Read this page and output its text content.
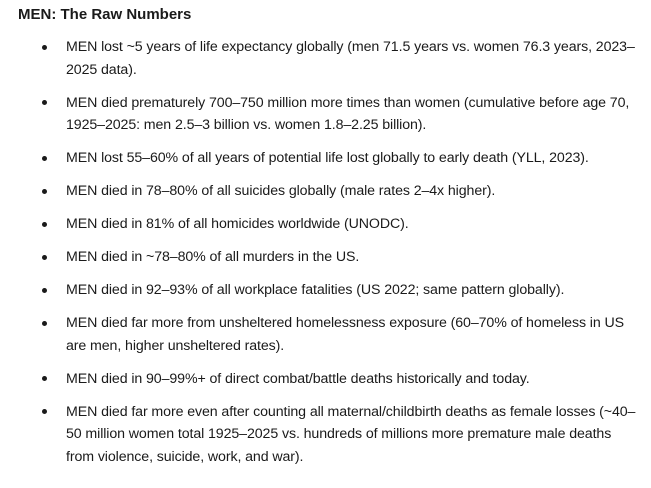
MEN: The Raw Numbers
MEN lost ~5 years of life expectancy globally (men 71.5 years vs. women 76.3 years, 2023–2025 data).
MEN died prematurely 700–750 million more times than women (cumulative before age 70, 1925–2025: men 2.5–3 billion vs. women 1.8–2.25 billion).
MEN lost 55–60% of all years of potential life lost globally to early death (YLL, 2023).
MEN died in 78–80% of all suicides globally (male rates 2–4x higher).
MEN died in 81% of all homicides worldwide (UNODC).
MEN died in ~78–80% of all murders in the US.
MEN died in 92–93% of all workplace fatalities (US 2022; same pattern globally).
MEN died far more from unsheltered homelessness exposure (60–70% of homeless in US are men, higher unsheltered rates).
MEN died in 90–99%+ of direct combat/battle deaths historically and today.
MEN died far more even after counting all maternal/childbirth deaths as female losses (~40–50 million women total 1925–2025 vs. hundreds of millions more premature male deaths from violence, suicide, work, and war).
